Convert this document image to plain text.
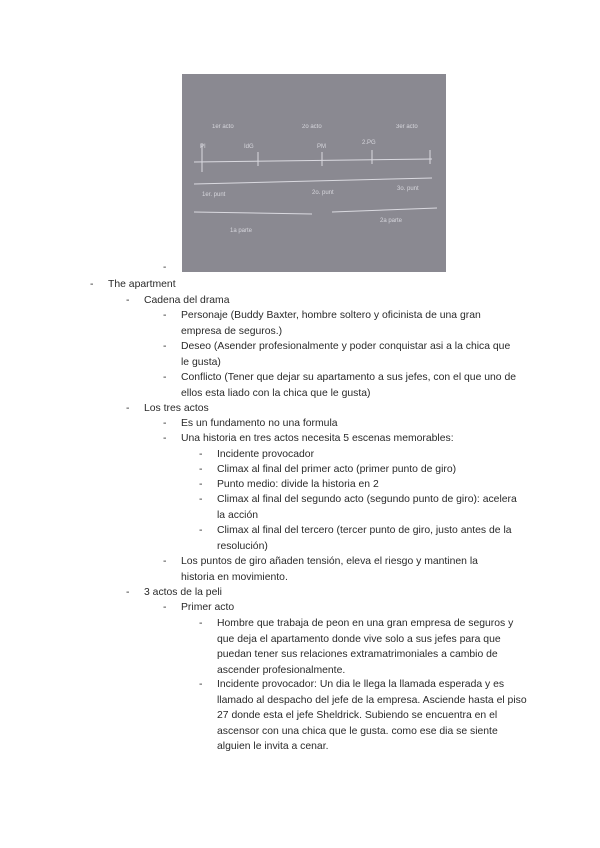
1er acto	2o acto	3er acto
PI	IdG	PM
2.PG
1er. punt	2o. punt
3o. punt
1a parte
2a parte
-
- The apartment
- Cadena del drama
- Personaje (Buddy Baxter, hombre soltero y oficinista de una gran empresa de seguros.)
- Deseo (Asender profesionalmente y poder conquistar asi a la chica que le gusta)
- Conflicto (Tener que dejar su apartamento a sus jefes, con el que uno de ellos esta liado con la chica que le gusta)
- Los tres actos
- Es un fundamento no una formula
- Una historia en tres actos necesita 5 escenas memorables:
- Incidente provocador
- Climax al final del primer acto (primer punto de giro)
- Punto medio: divide la historia en 2
- Climax al final del segundo acto (segundo punto de giro): acelera la acción
- Climax al final del tercero (tercer punto de giro, justo antes de la resolución)
- Los puntos de giro añaden tensión, eleva el riesgo y mantinen la historia en movimiento.
- 3 actos de la peli
- Primer acto
- Hombre que trabaja de peon en una gran empresa de seguros y que deja el apartamento donde vive solo a sus jefes para que puedan tener sus relaciones extramatrimoniales a cambio de ascender profesionalmente.
- Incidente provocador: Un dia le llega la llamada esperada y es llamado al despacho del jefe de la empresa. Asciende hasta el piso 27 donde esta el jefe Sheldrick. Subiendo se encuentra en el ascensor con una chica que le gusta. como ese dia se siente alguien le invita a cenar.
